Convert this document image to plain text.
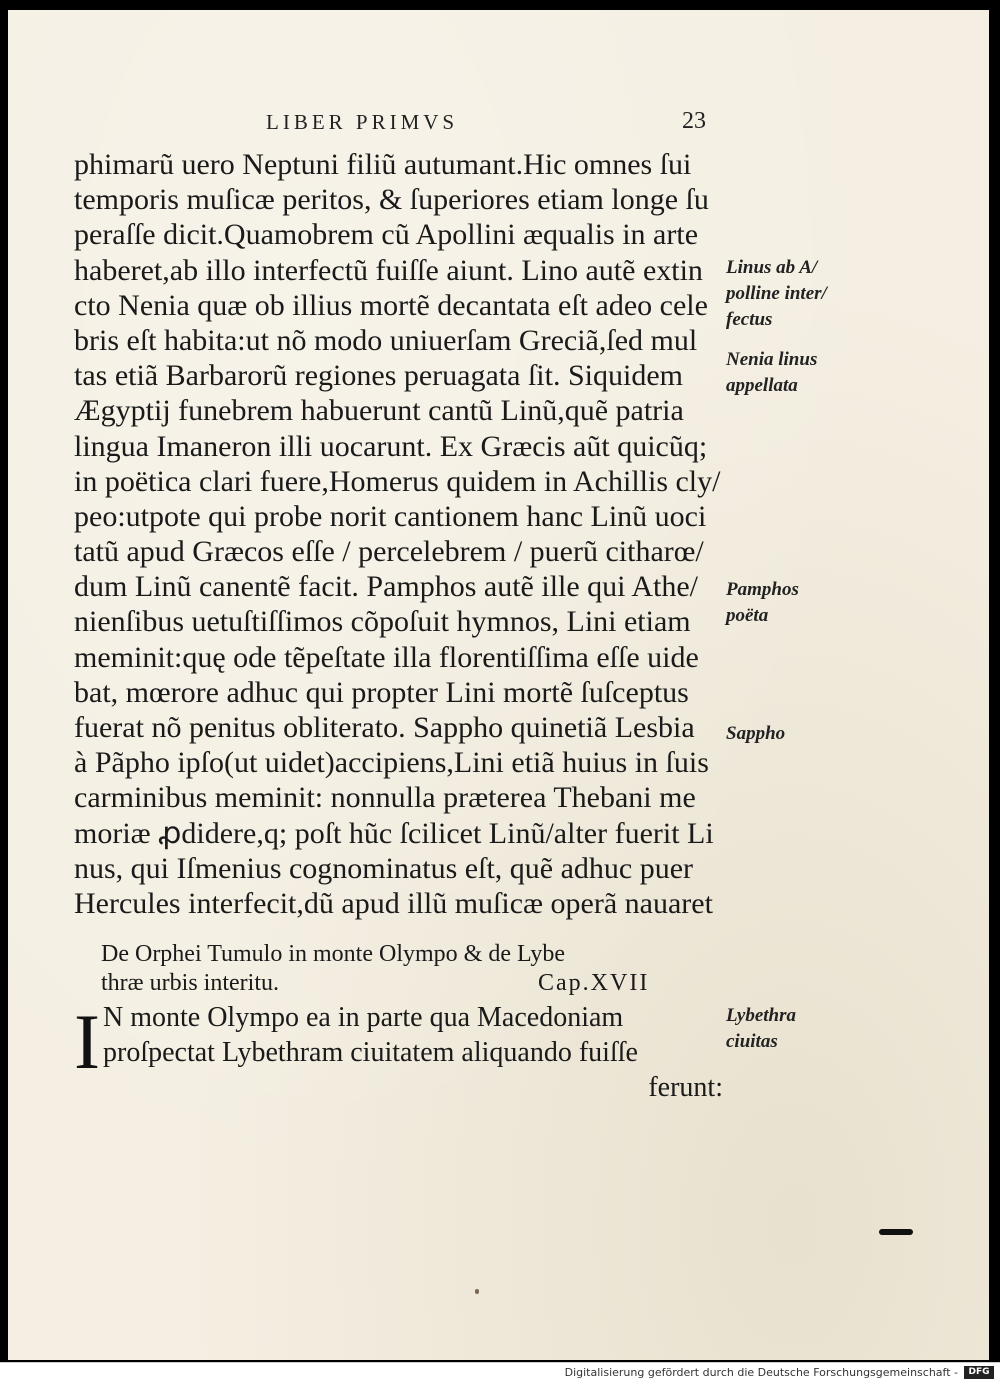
LIBER PRIMVS	23
Linus ab A/
polline inter/
fectus
Nenia linus
appellata
Pamphos
poëta
Sappho
Lybethra
ciuitas
phimarũ uero Neptuni filiũ autumant.Hic omnes ſui
temporis muſicæ peritos, & ſuperiores etiam longe ſu
peraſſe dicit.Quamobrem cũ Apollini æqualis in arte
haberet,ab illo interfectũ fuiſſe aiunt. Lino autẽ extin
cto Nenia quæ ob illius mortẽ decantata eſt adeo cele
bris eſt habita:ut nõ modo uniuerſam Greciã,ſed mul
tas etiã Barbarorũ regiones peruagata ſit. Siquidem
Ægyptij funebrem habuerunt cantũ Linũ,quẽ patria
lingua Imaneron illi uocarunt. Ex Græcis aũt quicũq;
in poëtica clari fuere,Homerus quidem in Achillis cly/
peo:utpote qui probe norit cantionem hanc Linũ uoci
tatũ apud Græcos eſſe / percelebrem / puerũ citharœ/
dum Linũ canentẽ facit. Pamphos autẽ ille qui Athe/
nienſibus uetuſtiſſimos cõpoſuit hymnos, Lini etiam
meminit:quę ode tẽpeſtate illa florentiſſima eſſe uide
bat, mœrore adhuc qui propter Lini mortẽ ſuſceptus
fuerat nõ penitus obliterato. Sappho quinetiã Lesbia
à Pãpho ipſo(ut uidet)accipiens,Lini etiã huius in ſuis
carminibus meminit: nonnulla præterea Thebani me
moriæ ꝓdidere,q; poſt hũc ſcilicet Linũ/alter fuerit Li
nus, qui Iſmenius cognominatus eſt, quẽ adhuc puer
Hercules interfecit,dũ apud illũ muſicæ operã nauaret
De Orphei Tumulo in monte Olympo & de Lybe
thræ urbis interitu.	Cap.XVII
I N monte Olympo ea in parte qua Macedoniam
proſpectat Lybethram ciuitatem aliquando fuiſſe
ferunt:
Digitalisierung gefördert durch die Deutsche Forschungsgemeinschaft -	DFG
